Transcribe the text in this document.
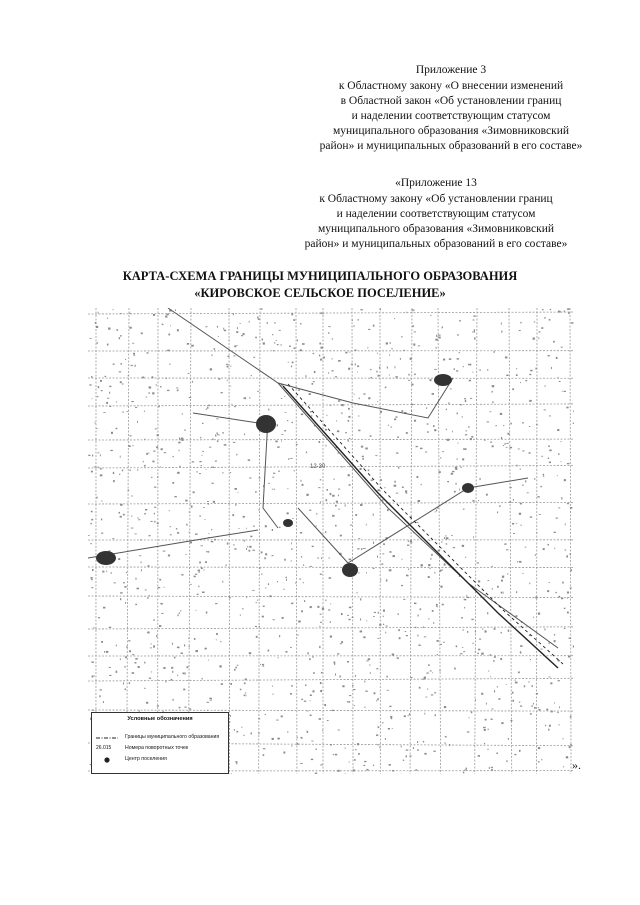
Приложение 3
к Областному закону «О внесении изменений
в Областной закон «Об установлении границ
и наделении соответствующим статусом
муниципального образования «Зимовниковский
район» и муниципальных образований в его составе»
«Приложение 13
к Областному закону «Об установлении границ
и наделении соответствующим статусом
муниципального образования «Зимовниковский
район» и муниципальных образований в его составе»
КАРТА-СХЕМА ГРАНИЦЫ МУНИЦИПАЛЬНОГО ОБРАЗОВАНИЯ
«КИРОВСКОЕ СЕЛЬСКОЕ ПОСЕЛЕНИЕ»
12-30
Условные обозначения
Границы муниципального образования
26.015	Номера поворотных точек
Центр поселения	».
